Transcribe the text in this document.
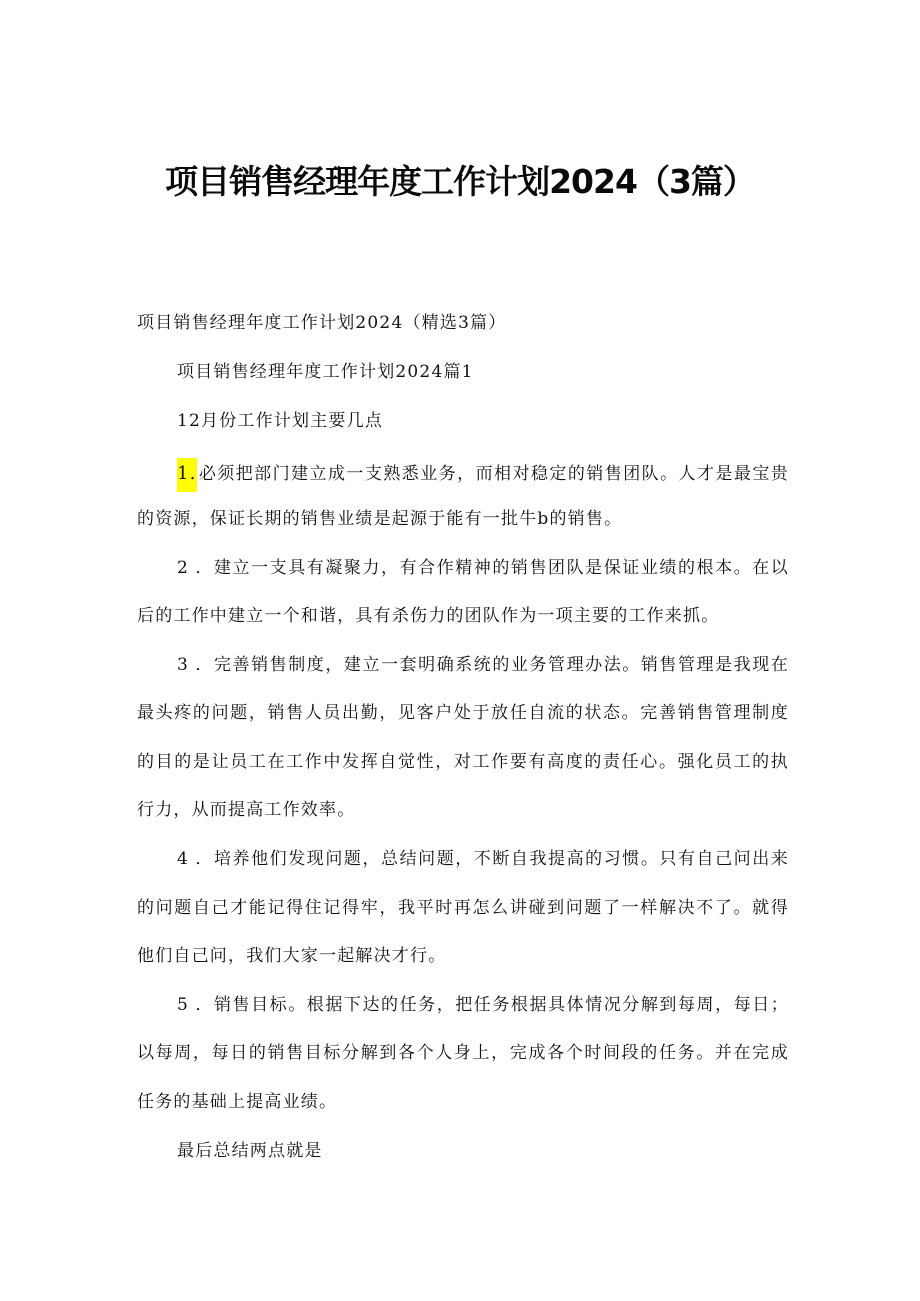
项目销售经理年度工作计划2024（3篇）
项目销售经理年度工作计划2024（精选3篇）
项目销售经理年度工作计划2024篇1
12月份工作计划主要几点
1. 必须把部门建立成一支熟悉业务，而相对稳定的销售团队。人才是最宝贵
的资源，保证长期的销售业绩是起源于能有一批牛b的销售。
2 ．建立一支具有凝聚力，有合作精神的销售团队是保证业绩的根本。在以
后的工作中建立一个和谐，具有杀伤力的团队作为一项主要的工作来抓。
3 ．完善销售制度，建立一套明确系统的业务管理办法。销售管理是我现在
最头疼的问题，销售人员出勤，见客户处于放任自流的状态。完善销售管理制度
的目的是让员工在工作中发挥自觉性，对工作要有高度的责任心。强化员工的执
行力，从而提高工作效率。
4 ．培养他们发现问题，总结问题，不断自我提高的习惯。只有自己问出来
的问题自己才能记得住记得牢，我平时再怎么讲碰到问题了一样解决不了。就得
他们自己问，我们大家一起解决才行。
5 ．销售目标。根据下达的任务，把任务根据具体情况分解到每周，每日；
以每周，每日的销售目标分解到各个人身上，完成各个时间段的任务。并在完成
任务的基础上提高业绩。
最后总结两点就是
